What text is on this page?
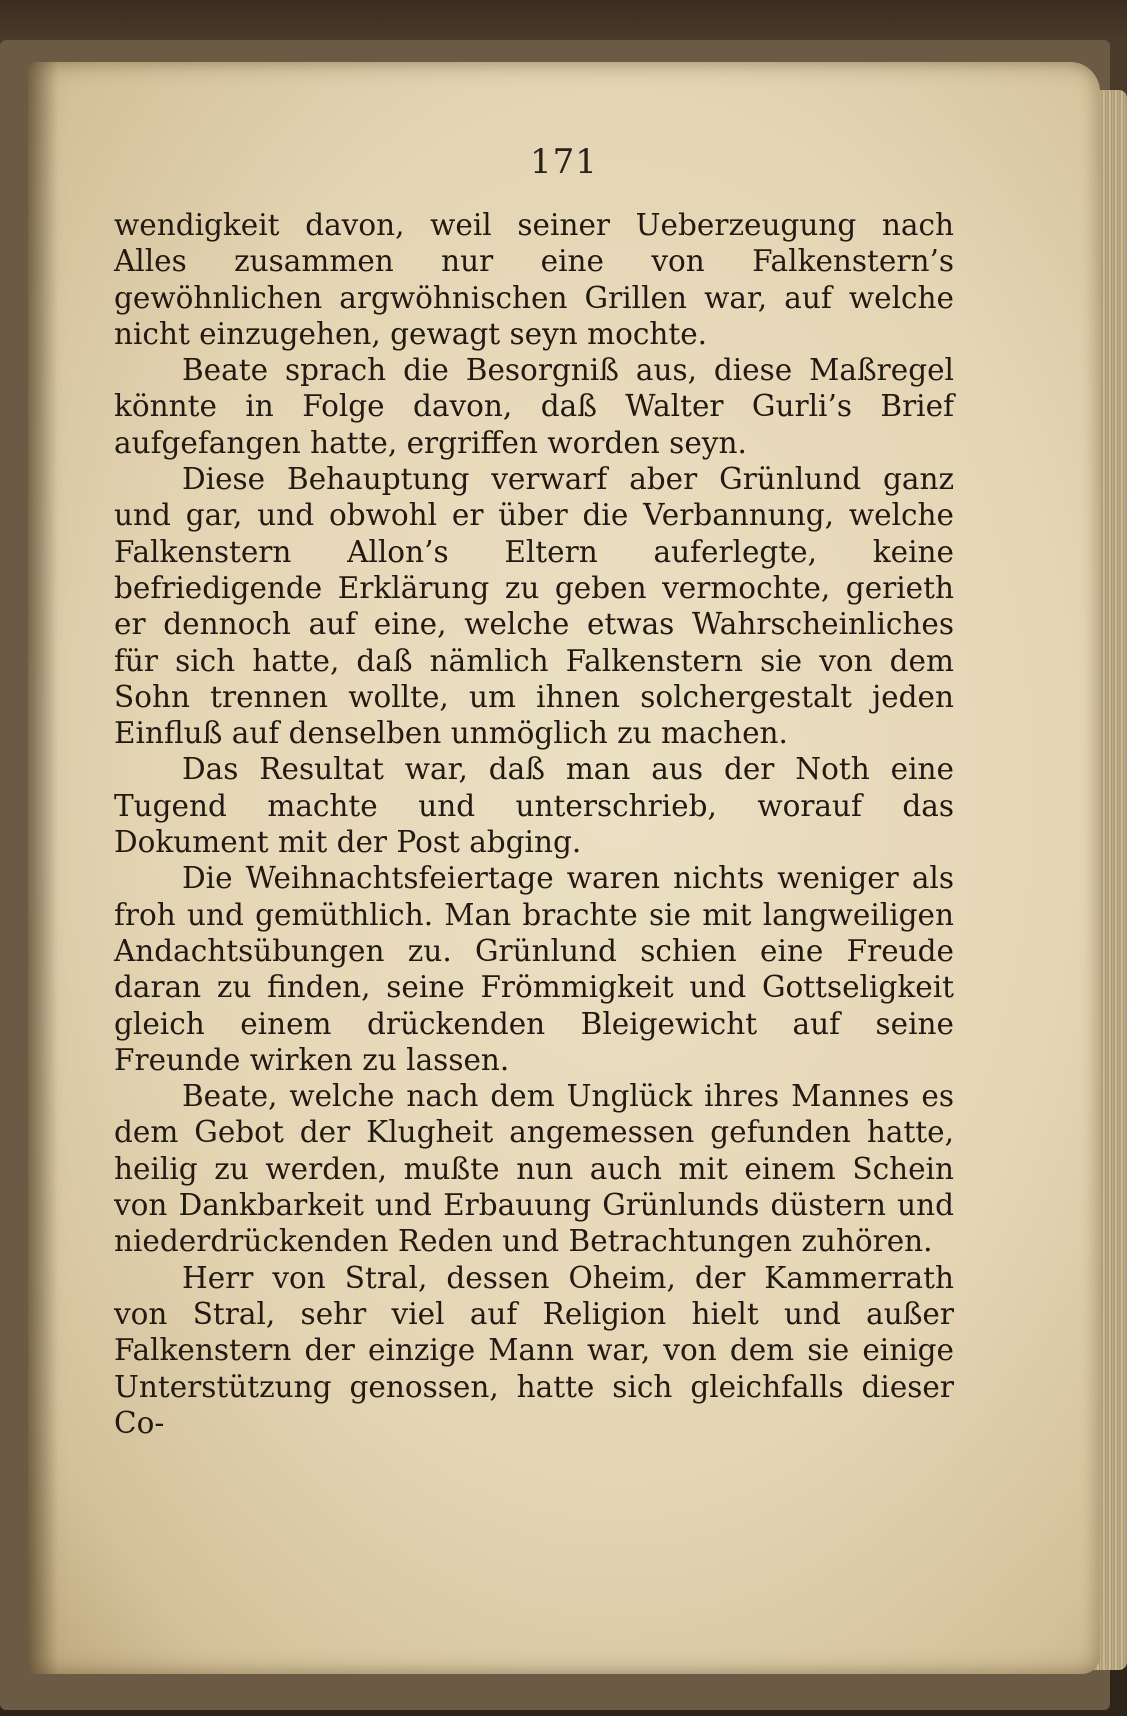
171

wendigkeit davon, weil seiner Ueberzeugung nach Alles zusammen nur eine von Falkenstern’s gewöhnlichen argwöhnischen Grillen war, auf welche nicht einzugehen, gewagt seyn mochte.

Beate sprach die Besorgniß aus, diese Maßregel könnte in Folge davon, daß Walter Gurli’s Brief aufgefangen hatte, ergriffen worden seyn.

Diese Behauptung verwarf aber Grünlund ganz und gar, und obwohl er über die Verbannung, welche Falkenstern Allon’s Eltern auferlegte, keine befriedigende Erklärung zu geben vermochte, gerieth er dennoch auf eine, welche etwas Wahrscheinliches für sich hatte, daß nämlich Falkenstern sie von dem Sohn trennen wollte, um ihnen solchergestalt jeden Einfluß auf denselben unmöglich zu machen.

Das Resultat war, daß man aus der Noth eine Tugend machte und unterschrieb, worauf das Dokument mit der Post abging.

Die Weihnachtsfeiertage waren nichts weniger als froh und gemüthlich. Man brachte sie mit langweiligen Andachtsübungen zu. Grünlund schien eine Freude daran zu finden, seine Frömmigkeit und Gottseligkeit gleich einem drückenden Bleigewicht auf seine Freunde wirken zu lassen.

Beate, welche nach dem Unglück ihres Mannes es dem Gebot der Klugheit angemessen gefunden hatte, heilig zu werden, mußte nun auch mit einem Schein von Dankbarkeit und Erbauung Grünlunds düstern und niederdrückenden Reden und Betrachtungen zuhören.

Herr von Stral, dessen Oheim, der Kammerrath von Stral, sehr viel auf Religion hielt und außer Falkenstern der einzige Mann war, von dem sie einige Unterstützung genossen, hatte sich gleichfalls dieser Co-
